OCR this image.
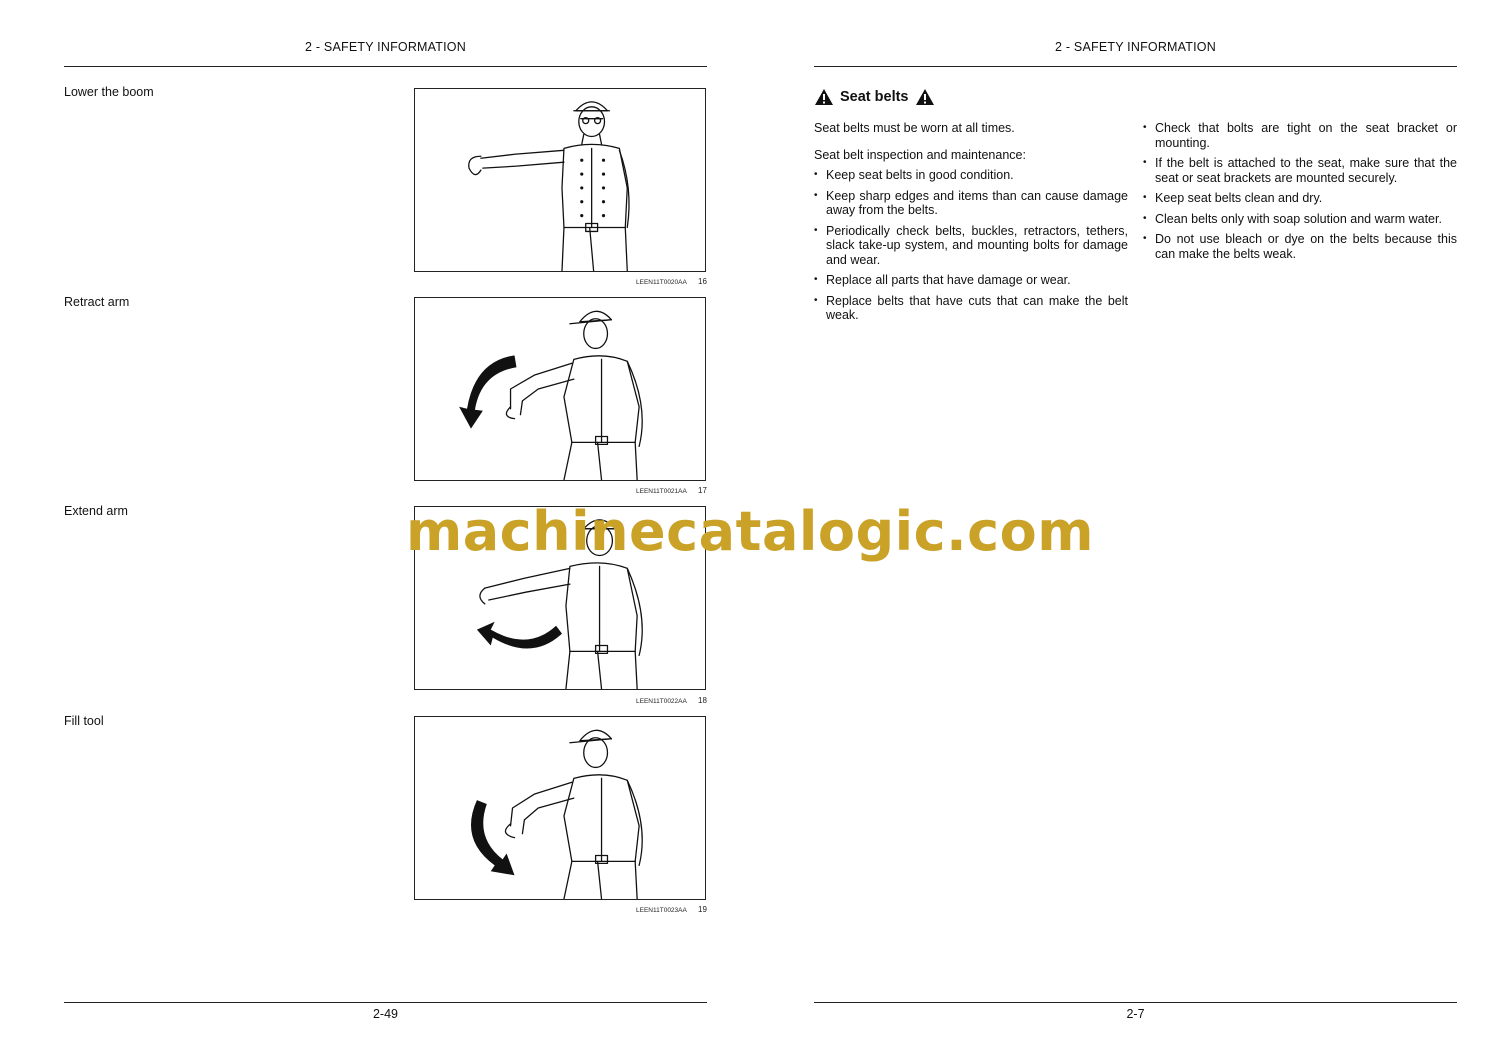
2 - SAFETY INFORMATION
Lower the boom
LEEN11T0020AA 16
Retract arm
LEEN11T0021AA 17
Extend arm
LEEN11T0022AA 18
Fill tool
LEEN11T0023AA 19
2-49
2 - SAFETY INFORMATION
Seat belts
Seat belts must be worn at all times.
Seat belt inspection and maintenance:
• Keep seat belts in good condition.
• Keep sharp edges and items than can cause damage away from the belts.
• Periodically check belts, buckles, retractors, tethers, slack take-up system, and mounting bolts for damage and wear.
• Replace all parts that have damage or wear.
• Replace belts that have cuts that can make the belt weak.
• Check that bolts are tight on the seat bracket or mounting.
• If the belt is attached to the seat, make sure that the seat or seat brackets are mounted securely.
• Keep seat belts clean and dry.
• Clean belts only with soap solution and warm water.
• Do not use bleach or dye on the belts because this can make the belts weak.
2-7
machinecatalogic.com
